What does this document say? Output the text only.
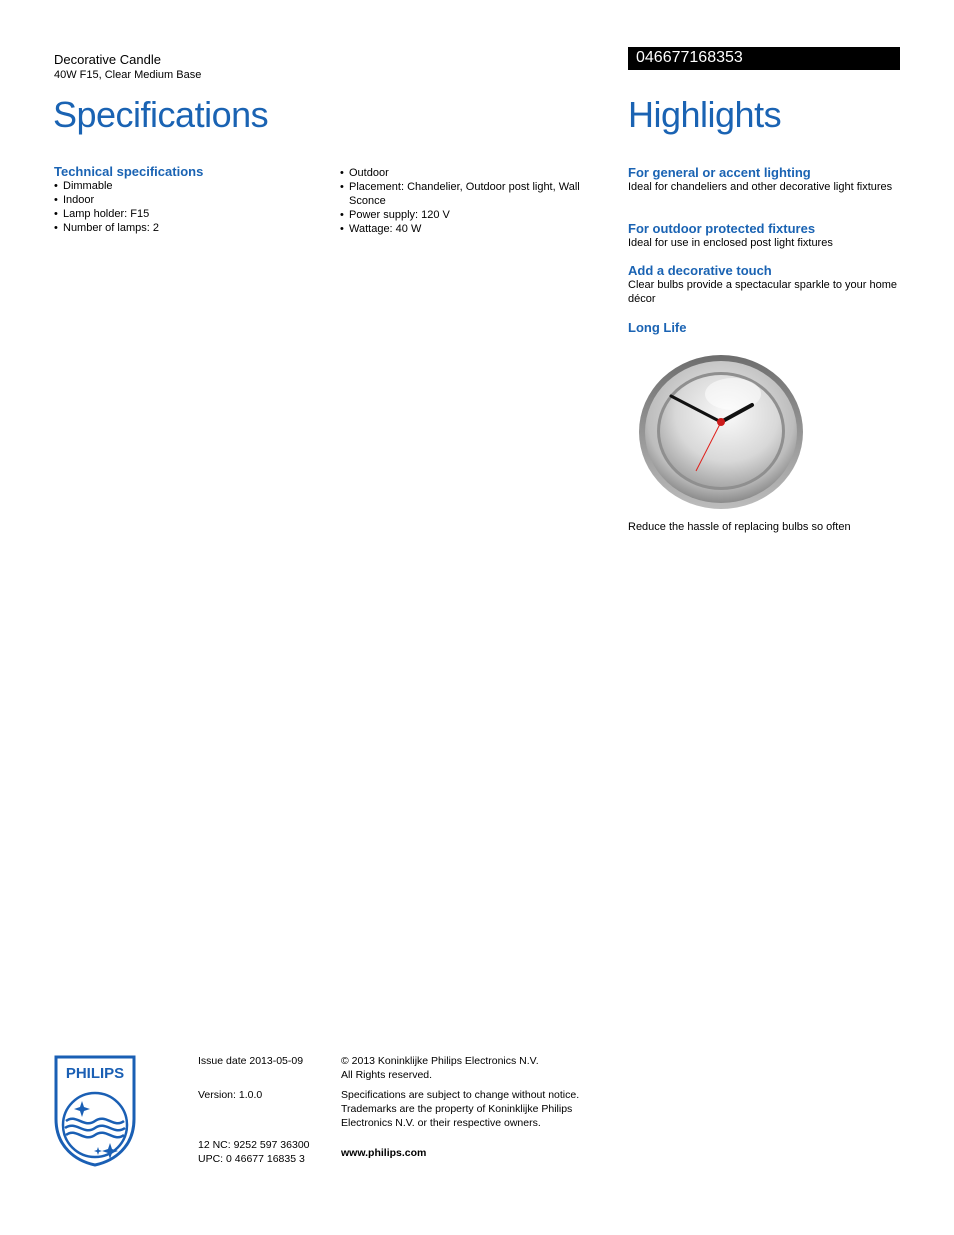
Decorative Candle
40W F15, Clear Medium Base
046677168353
Specifications	Highlights
Technical specifications
• Dimmable
• Indoor
• Lamp holder: F15
• Number of lamps: 2
• Outdoor
• Placement: Chandelier, Outdoor post light, Wall Sconce
• Power supply: 120 V
• Wattage: 40 W
For general or accent lighting
Ideal for chandeliers and other decorative light fixtures
For outdoor protected fixtures
Ideal for use in enclosed post light fixtures
Add a decorative touch
Clear bulbs provide a spectacular sparkle to your home décor
Long Life
Reduce the hassle of replacing bulbs so often
PHILIPS
Issue date 2013-05-09
Version: 1.0.0
12 NC: 9252 597 36300
UPC: 0 46677 16835 3
© 2013 Koninklijke Philips Electronics N.V.
All Rights reserved.
Specifications are subject to change without notice. Trademarks are the property of Koninklijke Philips Electronics N.V. or their respective owners.
www.philips.com
